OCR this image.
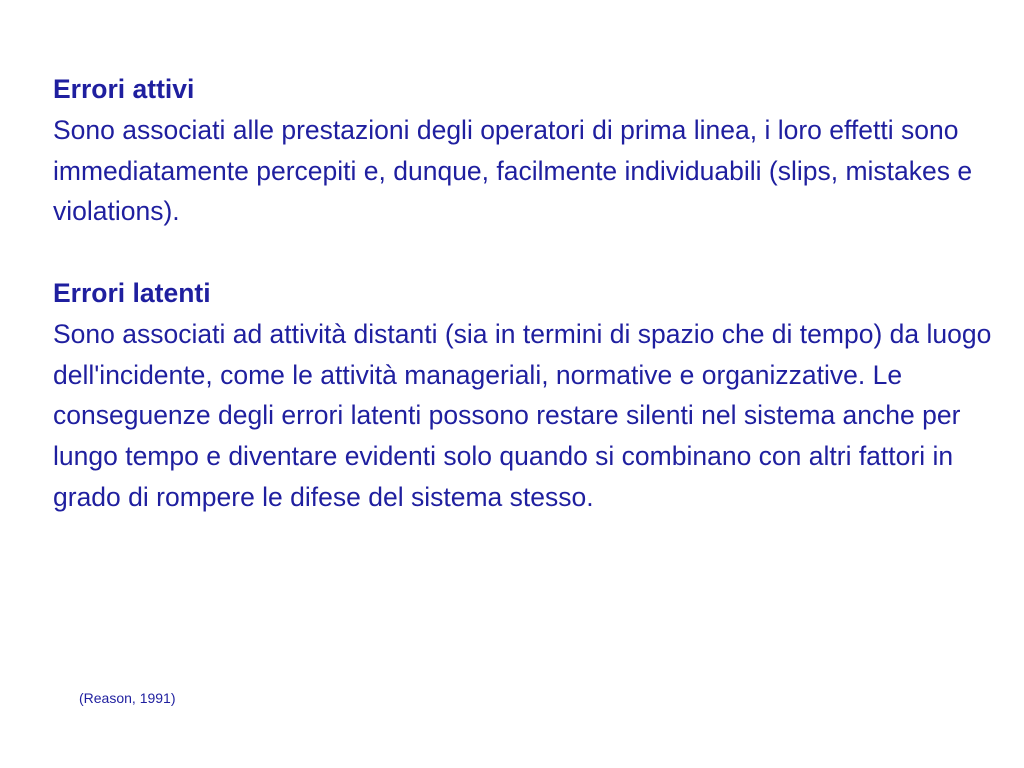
Errori attivi

Sono associati alle prestazioni degli operatori di prima linea, i loro effetti sono immediatamente percepiti e, dunque, facilmente individuabili (slips, mistakes e violations).

Errori latenti

Sono associati ad attività distanti (sia in termini di spazio che di tempo) da luogo dell'incidente, come le attività manageriali, normative e organizzative. Le conseguenze degli errori latenti possono restare silenti nel sistema anche per lungo tempo e diventare evidenti solo quando si combinano con altri fattori in grado di rompere le difese del sistema stesso.

(Reason, 1991)
